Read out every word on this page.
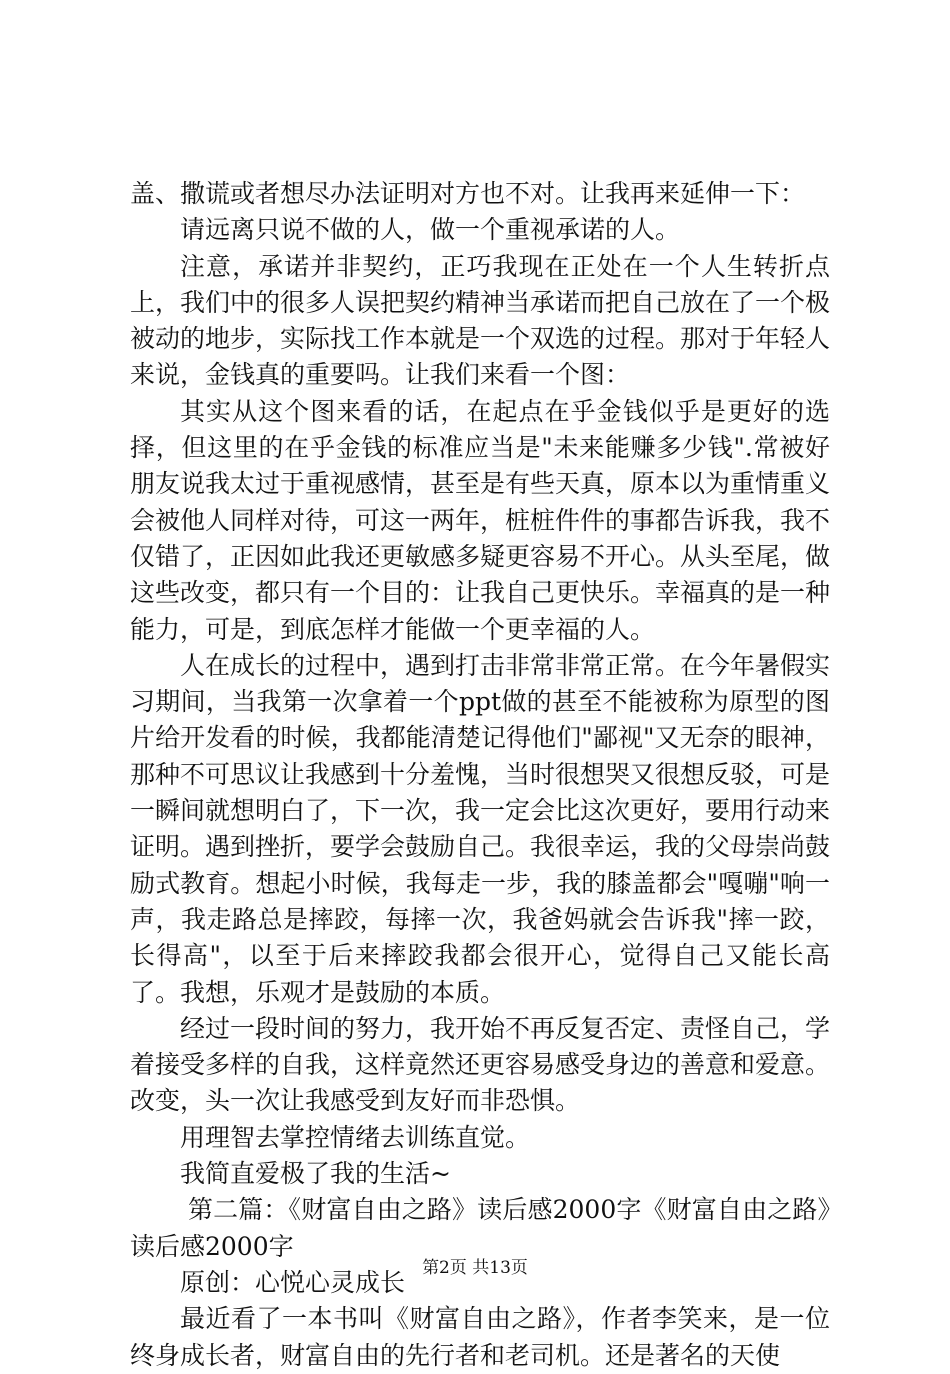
盖、撒谎或者想尽办法证明对方也不对。让我再来延伸一下：

请远离只说不做的人，做一个重视承诺的人。

注意，承诺并非契约，正巧我现在正处在一个人生转折点上，我们中的很多人误把契约精神当承诺而把自己放在了一个极被动的地步，实际找工作本就是一个双选的过程。那对于年轻人来说，金钱真的重要吗。让我们来看一个图：

其实从这个图来看的话，在起点在乎金钱似乎是更好的选择，但这里的在乎金钱的标准应当是"未来能赚多少钱".常被好朋友说我太过于重视感情，甚至是有些天真，原本以为重情重义会被他人同样对待，可这一两年，桩桩件件的事都告诉我，我不仅错了，正因如此我还更敏感多疑更容易不开心。从头至尾，做这些改变，都只有一个目的：让我自己更快乐。幸福真的是一种能力，可是，到底怎样才能做一个更幸福的人。

人在成长的过程中，遇到打击非常非常正常。在今年暑假实习期间，当我第一次拿着一个ppt做的甚至不能被称为原型的图片给开发看的时候，我都能清楚记得他们"鄙视"又无奈的眼神，那种不可思议让我感到十分羞愧，当时很想哭又很想反驳，可是一瞬间就想明白了，下一次，我一定会比这次更好，要用行动来证明。遇到挫折，要学会鼓励自己。我很幸运，我的父母崇尚鼓励式教育。想起小时候，我每走一步，我的膝盖都会"嘎嘣"响一声，我走路总是摔跤，每摔一次，我爸妈就会告诉我"摔一跤，长得高"，以至于后来摔跤我都会很开心，觉得自己又能长高了。我想，乐观才是鼓励的本质。

经过一段时间的努力，我开始不再反复否定、责怪自己，学着接受多样的自我，这样竟然还更容易感受身边的善意和爱意。改变，头一次让我感受到友好而非恐惧。

用理智去掌控情绪去训练直觉。

我简直爱极了我的生活~

第二篇：《财富自由之路》读后感2000字《财富自由之路》读后感2000字

原创：心悦心灵成长

最近看了一本书叫《财富自由之路》，作者李笑来，是一位终身成长者，财富自由的先行者和老司机。还是著名的天使

第2页 共13页
